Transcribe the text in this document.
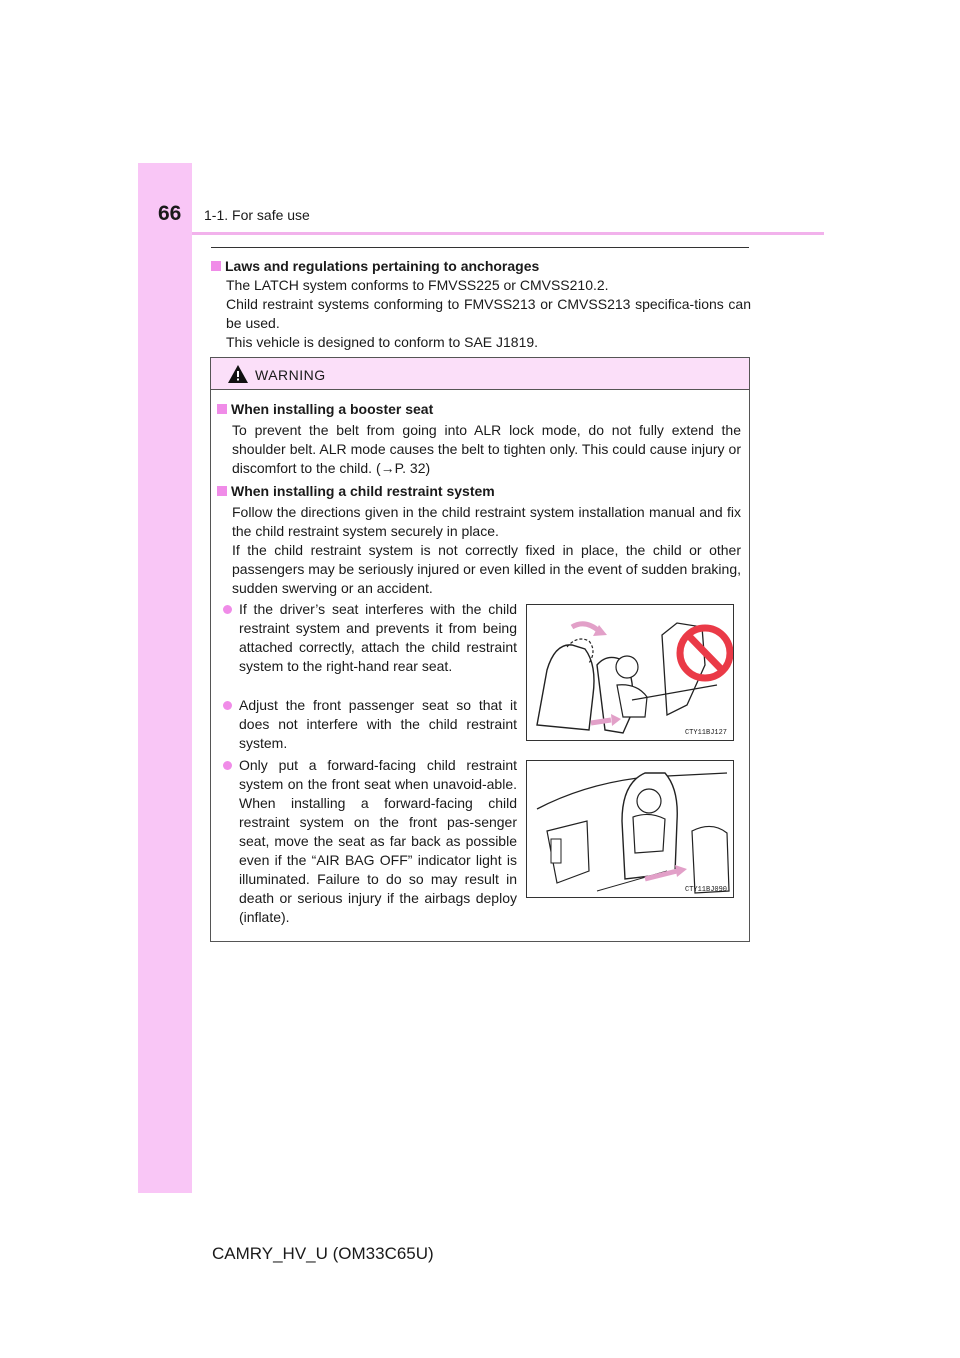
66 1-1. For safe use
Laws and regulations pertaining to anchorages
The LATCH system conforms to FMVSS225 or CMVSS210.2.
Child restraint systems conforming to FMVSS213 or CMVSS213 specifica-tions can be used.
This vehicle is designed to conform to SAE J1819.
WARNING
When installing a booster seat
To prevent the belt from going into ALR lock mode, do not fully extend the shoulder belt. ALR mode causes the belt to tighten only. This could cause injury or discomfort to the child. (→P. 32)
When installing a child restraint system
Follow the directions given in the child restraint system installation manual and fix the child restraint system securely in place.
If the child restraint system is not correctly fixed in place, the child or other passengers may be seriously injured or even killed in the event of sudden braking, sudden swerving or an accident.
If the driver’s seat interferes with the child restraint system and prevents it from being attached correctly, attach the child restraint system to the right-hand rear seat.
Adjust the front passenger seat so that it does not interfere with the child restraint system.
Only put a forward-facing child restraint system on the front seat when unavoid-able. When installing a forward-facing child restraint system on the front pas-senger seat, move the seat as far back as possible even if the “AIR BAG OFF” indicator light is illuminated. Failure to do so may result in death or serious injury if the airbags deploy (inflate).
CTY11BJ127
CTY11BJ090
CAMRY_HV_U (OM33C65U)
